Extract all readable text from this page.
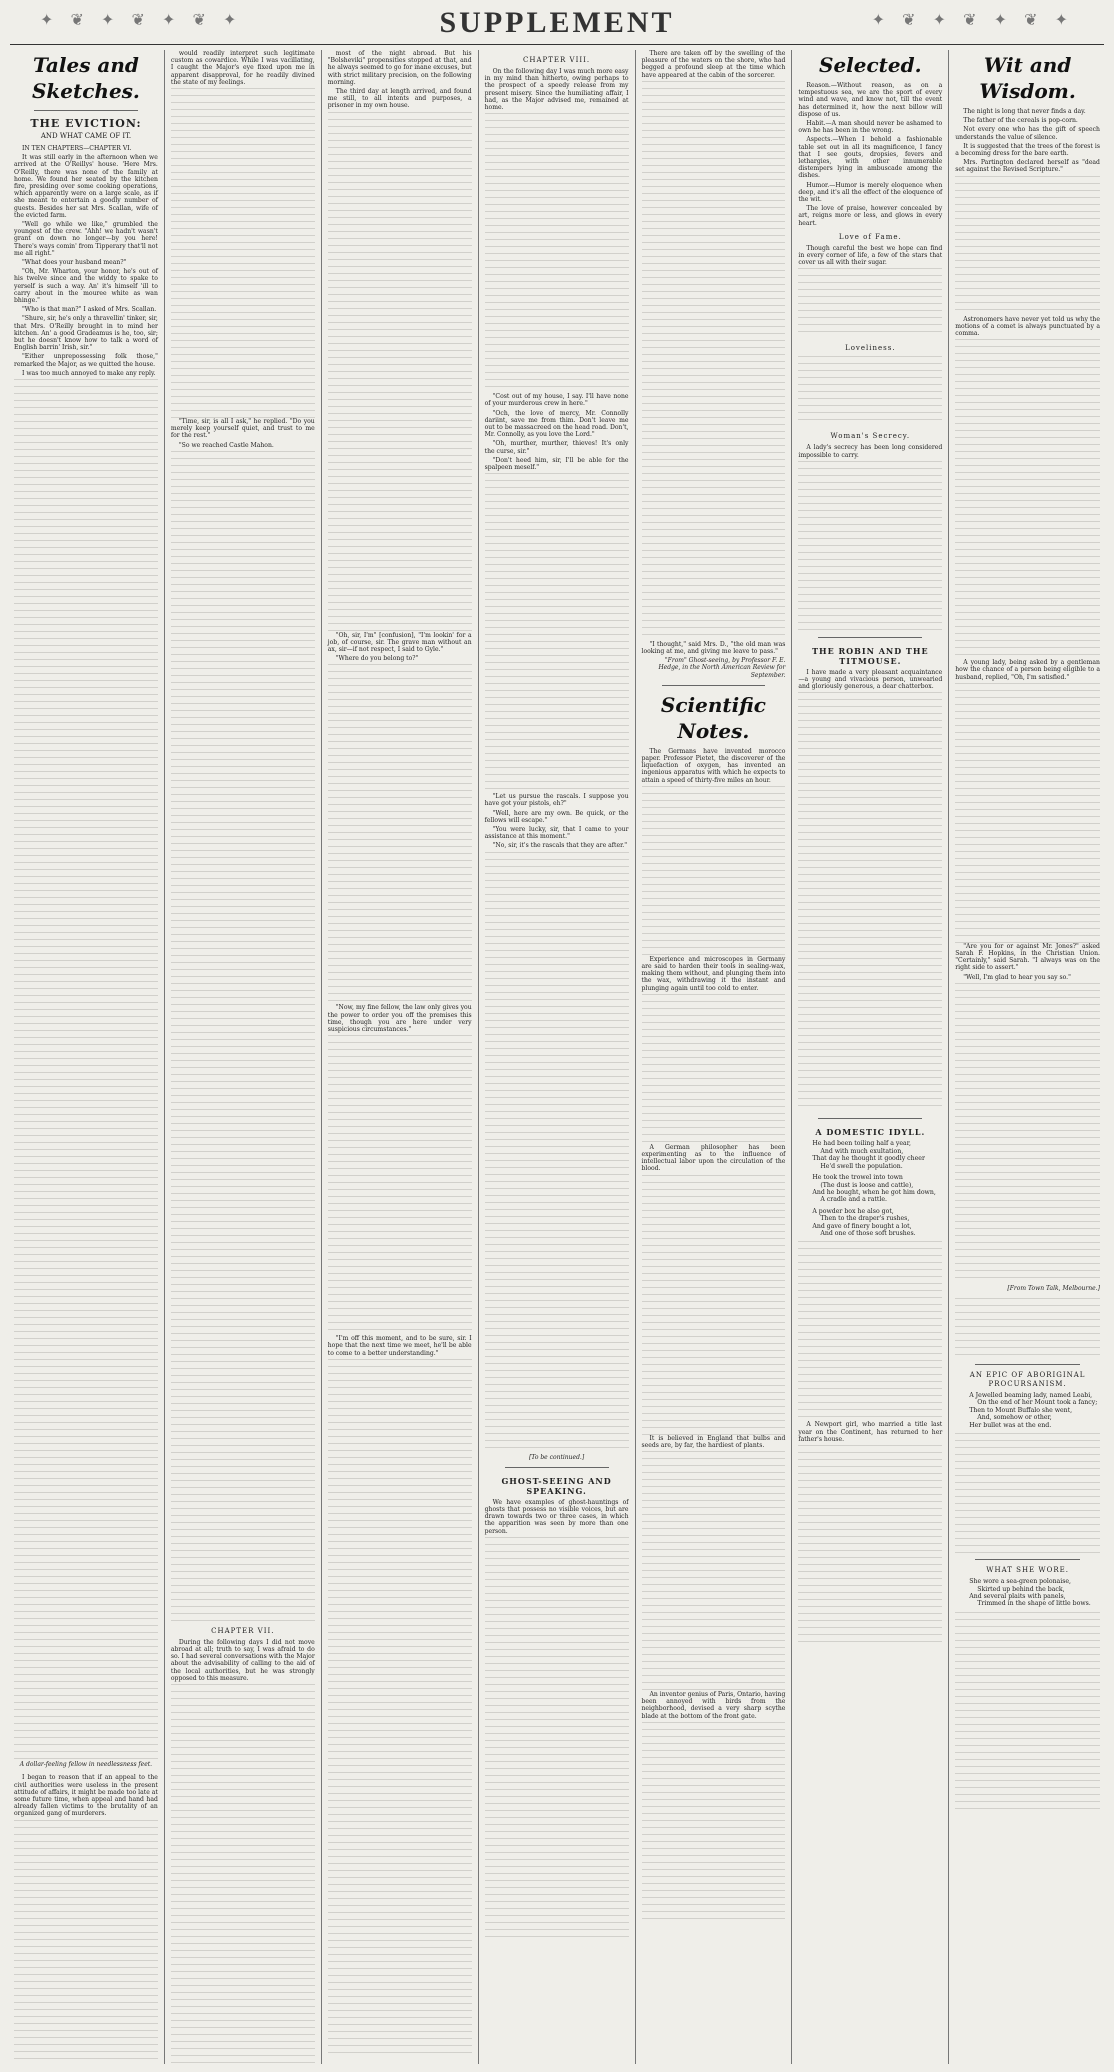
✦ ❦ ✦ ❦ ✦ ❦ ✦	SUPPLEMENT	✦ ❦ ✦ ❦ ✦ ❦ ✦
Tales and Sketches.
THE EVICTION:
AND WHAT CAME OF IT.

IN TEN CHAPTERS—CHAPTER VI.

It was still early in the afternoon when we arrived at the O'Reillys' house. 'Here Mrs. O'Reilly, there was none of the family at home. We found her seated by the kitchen fire, presiding over some cooking operations, which apparently were on a large scale, as if she meant to entertain a goodly number of guests. Besides her sat Mrs. Scallan, wife of the evicted farm.

"Well go while we like," grumbled the youngest of the crew. "Ahh! we hadn't wasn't grant on down no longer—by you here! There's ways comin' from Tipperary that'll not me all right."

"What does your husband mean?"

"Oh, Mr. Wharton, your honor, he's out of his twelve since and the widdy to spake to yerself is such a way. An' it's himself 'ill to carry about in the mouree white as wan bhinge."

"Who is that man?" I asked of Mrs. Scallan.

"Shure, sir, he's only a thravellin' tinker, sir, that Mrs. O'Reilly brought in to mind her kitchen. An' a good Gradeamus is he, too, sir; but he doesn't know how to talk a word of English barrin' Irish, sir."

"Either unprepossessing folk those," remarked the Major, as we quitted the house.

I was too much annoyed to make any reply.

A dollar-feeling fellow in needlessness feet.

I began to reason that if an appeal to the civil authorities were useless in the present attitude of affairs, it might be made too late at some future time, when appeal and hand had already fallen victims to the brutality of an organized gang of murderers.

would readily interpret such legitimate custom as cowardice. While I was vacillating, I caught the Major's eye fixed upon me in apparent disapproval, for he readily divined the state of my feelings.

"Time, sir, is all I ask," he replied. "Do you merely keep yourself quiet, and trust to me for the rest."

"So we reached Castle Mahon.

CHAPTER VII.

During the following days I did not move abroad at all; truth to say, I was afraid to do so. I had several conversations with the Major about the advisability of calling to the aid of the local authorities, but he was strongly opposed to this measure.

most of the night abroad. But his "Bolsheviki" propensities stopped at that, and he always seemed to go for inane excuses, but with strict military precision, on the following morning.

The third day at length arrived, and found me still, to all intents and purposes, a prisoner in my own house.

"Oh, sir, I'm" [confusion], "I'm lookin' for a job, of course, sir. The grave man without an ax, sir—if not respect, I said to Gyle."

"Where do you belong to?"

"Now, my fine fellow, the law only gives you the power to order you off the premises this time, though you are here under very suspicious circumstances."

"I'm off this moment, and to be sure, sir. I hope that the next time we meet, he'll be able to come to a better understanding."

CHAPTER VIII.

On the following day I was much more easy in my mind than hitherto, owing perhaps to the prospect of a speedy release from my present misery. Since the humiliating affair, I had, as the Major advised me, remained at home.

"Cost out of my house, I say. I'll have none of your murderous crew in here."

"Och, the love of mercy, Mr. Connolly dariint, save me from thim. Don't leave me out to be massacreed on the head road. Don't, Mr. Connolly, as you love the Lord."

"Oh, murther, murther, thieves! It's only the curse, sir."

"Don't heed him, sir, I'll be able for the spalpeen meself."

"Let us pursue the rascals. I suppose you have got your pistols, eh?"

"Well, here are my own. Be quick, or the fellows will escape."

"You were lucky, sir, that I came to your assistance at this moment."

"No, sir, it's the rascals that they are after."

[To be continued.]
GHOST-SEEING AND SPEAKING.

We have examples of ghost-hauntings of ghosts that possess no visible voices, but are drawn towards two or three cases, in which the apparition was seen by more than one person.

There are taken off by the swelling of the pleasure of the waters on the shore, who had begged a profound sleep at the time which have appeared at the cabin of the sorcerer.

"I thought," said Mrs. D., "the old man was looking at me, and giving me leave to pass."

"From" Ghost-seeing, by Professor F. E. Hedge, in the North American Review for September.
Scientific Notes.

The Germans have invented morocco paper. Professor Pietet, the discoverer of the liquefaction of oxygen, has invented an ingenious apparatus with which he expects to attain a speed of thirty-five miles an hour.

Experience and microscopes in Germany are said to harden their tools in sealing-wax, making them without, and plunging them into the wax, withdrawing it the instant and plunging again until too cold to enter.

A German philosopher has been experimenting as to the influence of intellectual labor upon the circulation of the blood.

It is believed in England that bulbs and seeds are, by far, the hardiest of plants.

An inventor genius of Paris, Ontario, having been annoyed with birds from the neighborhood, devised a very sharp scythe blade at the bottom of the front gate.

Selected.

Reason.—Without reason, as on a tempestuous sea, we are the sport of every wind and wave, and know not, till the event has determined it, how the next billow will dispose of us.

Habit.—A man should never be ashamed to own he has been in the wrong.

Aspects.—When I behold a fashionable table set out in all its magnificence, I fancy that I see gouts, dropsies, fevers and lethargies, with other innumerable distempers lying in ambuscade among the dishes.

Humor.—Humor is merely eloquence when deep, and it's all the effect of the eloquence of the wit.

The love of praise, however concealed by art, reigns more or less, and glows in every heart.

Love of Fame.

Though careful the best we hope can find in every corner of life, a few of the stars that cover us all with their sugar.

Loveliness.
Woman's Secrecy.

A lady's secrecy has been long considered impossible to carry.

THE ROBIN AND THE TITMOUSE.

I have made a very pleasant acquaintance—a young and vivacious person, unwearied and gloriously generous, a dear chatterbox.

A DOMESTIC IDYLL.
He had been toiling half a year,
And with much exultation,
That day he thought it goodly cheer
He'd swell the population.
He took the trowel into town
(The dust is loose and cattle),
And he bought, when he got him down,
A cradle and a rattle.
A powder box he also got,
Then to the draper's rushes,
And gave of finery bought a lot,
And one of those soft brushes.

A Newport girl, who married a title last year on the Continent, has returned to her father's house.

Wit and Wisdom.

The night is long that never finds a day.

The father of the cereals is pop-corn.

Not every one who has the gift of speech understands the value of silence.

It is suggested that the trees of the forest is a becoming dress for the bare earth.

Mrs. Partington declared herself as "dead set against the Revised Scripture."

Astronomers have never yet told us why the motions of a comet is always punctuated by a comma.

A young lady, being asked by a gentleman how the chance of a person being eligible to a husband, replied, "Oh, I'm satisfied."

"Are you for or against Mr. Jones?" asked Sarah F. Hopkins, in the Christian Union. "Certainly," said Sarah. "I always was on the right side to assert."

"Well, I'm glad to hear you say so."

[From Town Talk, Melbourne.]
AN EPIC OF ABORIGINAL PROCURSANISM.
A Jewelled beaming lady, named Leabi,
On the end of her Mount took a fancy;
Then to Mount Buffalo she went,
And, somehow or other,
Her bullet was at the end.
WHAT SHE WORE.
She wore a sea-green polonaise,
Skirted up behind the back,
And several plaits with panels,
Trimmed in the shape of little bows.
